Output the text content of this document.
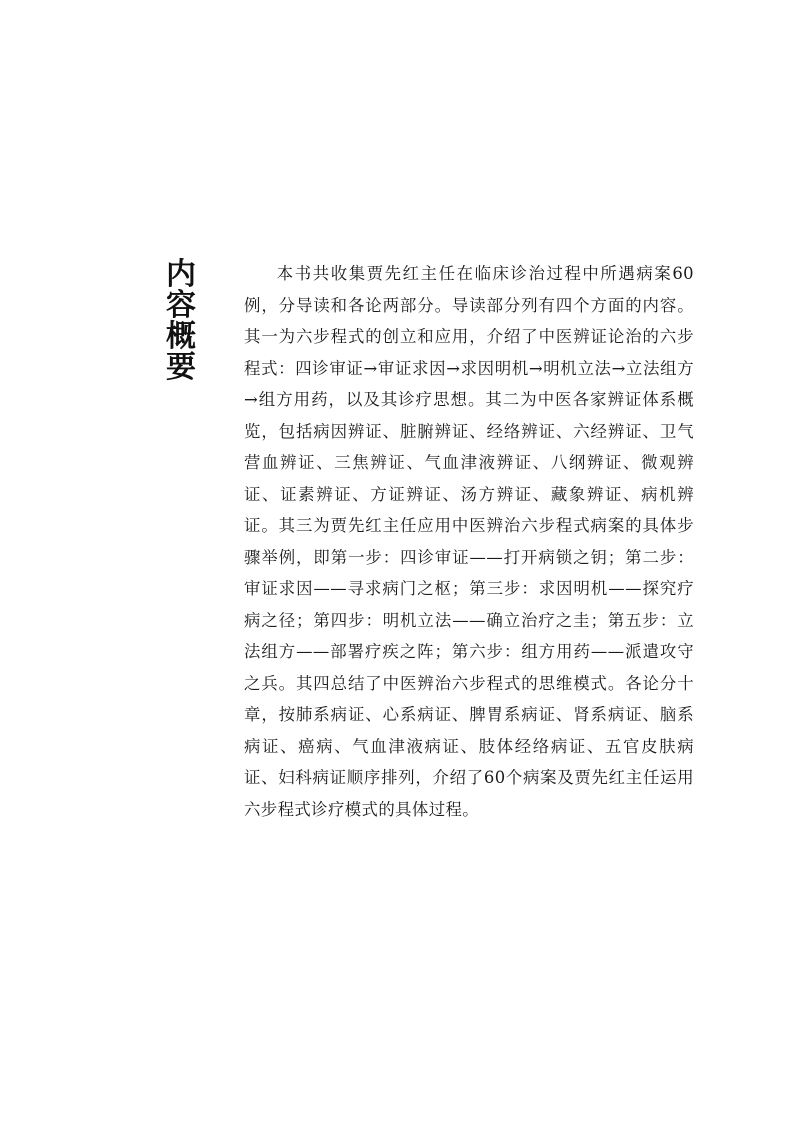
内
容
概
要

本书共收集贾先红主任在临床诊治过程中所遇病案60例，分导读和各论两部分。导读部分列有四个方面的内容。其一为六步程式的创立和应用，介绍了中医辨证论治的六步程式：四诊审证→审证求因→求因明机→明机立法→立法组方→组方用药，以及其诊疗思想。其二为中医各家辨证体系概览，包括病因辨证、脏腑辨证、经络辨证、六经辨证、卫气营血辨证、三焦辨证、气血津液辨证、八纲辨证、微观辨证、证素辨证、方证辨证、汤方辨证、藏象辨证、病机辨证。其三为贾先红主任应用中医辨治六步程式病案的具体步骤举例，即第一步：四诊审证——打开病锁之钥；第二步：审证求因——寻求病门之枢；第三步：求因明机——探究疗病之径；第四步：明机立法——确立治疗之圭；第五步：立法组方——部署疗疾之阵；第六步：组方用药——派遣攻守之兵。其四总结了中医辨治六步程式的思维模式。各论分十章，按肺系病证、心系病证、脾胃系病证、肾系病证、脑系病证、癌病、气血津液病证、肢体经络病证、五官皮肤病证、妇科病证顺序排列，介绍了60个病案及贾先红主任运用六步程式诊疗模式的具体过程。
